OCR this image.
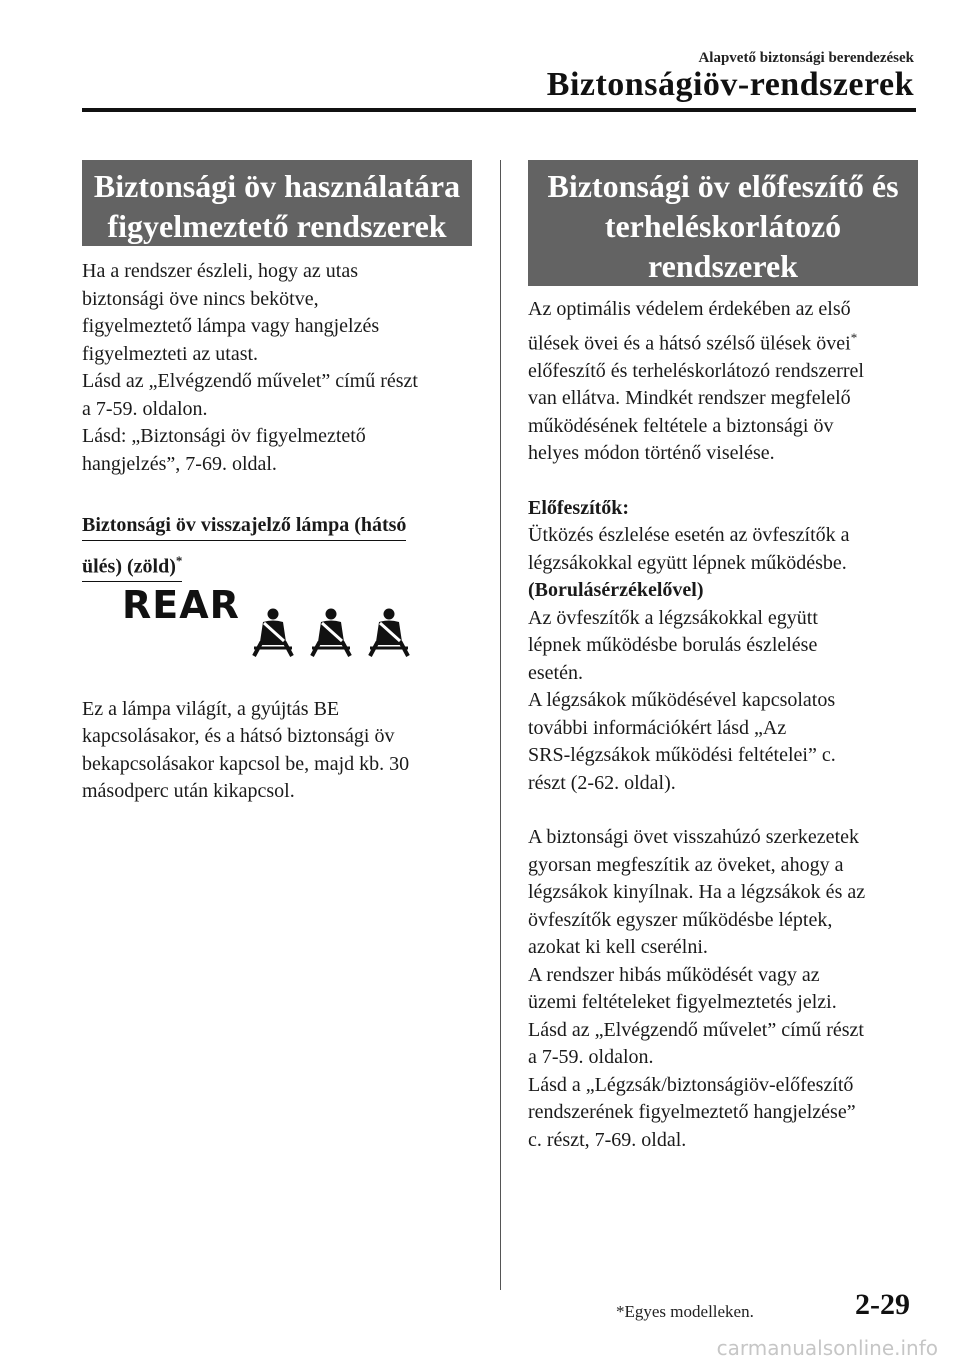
Alapvető biztonsági berendezések
Biztonságiöv-rendszerek
Biztonsági öv használatára
figyelmeztető rendszerek

Ha a rendszer észleli, hogy az utas

biztonsági öve nincs bekötve,

figyelmeztető lámpa vagy hangjelzés

figyelmezteti az utast.

Lásd az „Elvégzendő művelet” című részt

a 7-59. oldalon.

Lásd: „Biztonsági öv figyelmeztető

hangjelzés”, 7-69. oldal.

Biztonsági öv visszajelző lámpa (hátsó
ülés) (zöld)*
REAR

Ez a lámpa világít, a gyújtás BE

kapcsolásakor, és a hátsó biztonsági öv

bekapcsolásakor kapcsol be, majd kb. 30

másodperc után kikapcsol.

Biztonsági öv előfeszítő és
terheléskorlátozó
rendszerek

Az optimális védelem érdekében az első

ülések övei és a hátsó szélső ülések övei*

előfeszítő és terheléskorlátozó rendszerrel

van ellátva. Mindkét rendszer megfelelő

működésének feltétele a biztonsági öv

helyes módon történő viselése.

Előfeszítők:

Ütközés észlelése esetén az övfeszítők a

légzsákokkal együtt lépnek működésbe.

(Borulásérzékelővel)

Az övfeszítők a légzsákokkal együtt

lépnek működésbe borulás észlelése

esetén.

A légzsákok működésével kapcsolatos

további információkért lásd „Az

SRS-légzsákok működési feltételei” c.

részt (2-62. oldal).

A biztonsági övet visszahúzó szerkezetek

gyorsan megfeszítik az öveket, ahogy a

légzsákok kinyílnak. Ha a légzsákok és az

övfeszítők egyszer működésbe léptek,

azokat ki kell cserélni.

A rendszer hibás működését vagy az

üzemi feltételeket figyelmeztetés jelzi.

Lásd az „Elvégzendő művelet” című részt

a 7-59. oldalon.

Lásd a „Légzsák/biztonságiöv-előfeszítő

rendszerének figyelmeztető hangjelzése”

c. részt, 7-69. oldal.

*Egyes modelleken.	2-29
carmanualsonline.info
